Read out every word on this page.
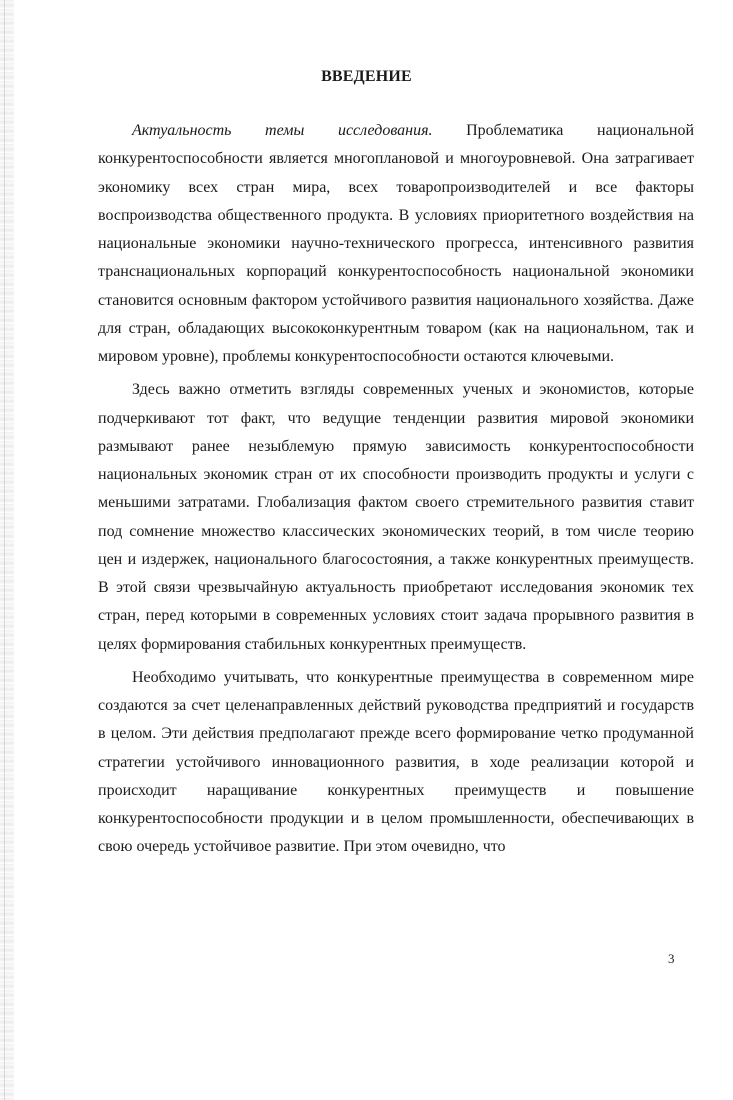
ВВЕДЕНИЕ

Актуальность темы исследования. Проблематика национальной конкурентоспособности является многоплановой и многоуровневой. Она затрагивает экономику всех стран мира, всех товаропроизводителей и все факторы воспроизводства общественного продукта. В условиях приоритетного воздействия на национальные экономики научно-технического прогресса, интенсивного развития транснациональных корпораций конкурентоспособность национальной экономики становится основным фактором устойчивого развития национального хозяйства. Даже для стран, обладающих высококонкурентным товаром (как на национальном, так и мировом уровне), проблемы конкурентоспособности остаются ключевыми.

Здесь важно отметить взгляды современных ученых и экономистов, которые подчеркивают тот факт, что ведущие тенденции развития мировой экономики размывают ранее незыблемую прямую зависимость конкурентоспособности национальных экономик стран от их способности производить продукты и услуги с меньшими затратами. Глобализация фактом своего стремительного развития ставит под сомнение множество классических экономических теорий, в том числе теорию цен и издержек, национального благосостояния, а также конкурентных преимуществ. В этой связи чрезвычайную актуальность приобретают исследования экономик тех стран, перед которыми в современных условиях стоит задача прорывного развития в целях формирования стабильных конкурентных преимуществ.

Необходимо учитывать, что конкурентные преимущества в современном мире создаются за счет целенаправленных действий руководства предприятий и государств в целом. Эти действия предполагают прежде всего формирование четко продуманной стратегии устойчивого инновационного развития, в ходе реализации которой и происходит наращивание конкурентных преимуществ и повышение конкурентоспособности продукции и в целом промышленности, обеспечивающих в свою очередь устойчивое развитие. При этом очевидно, что

3
